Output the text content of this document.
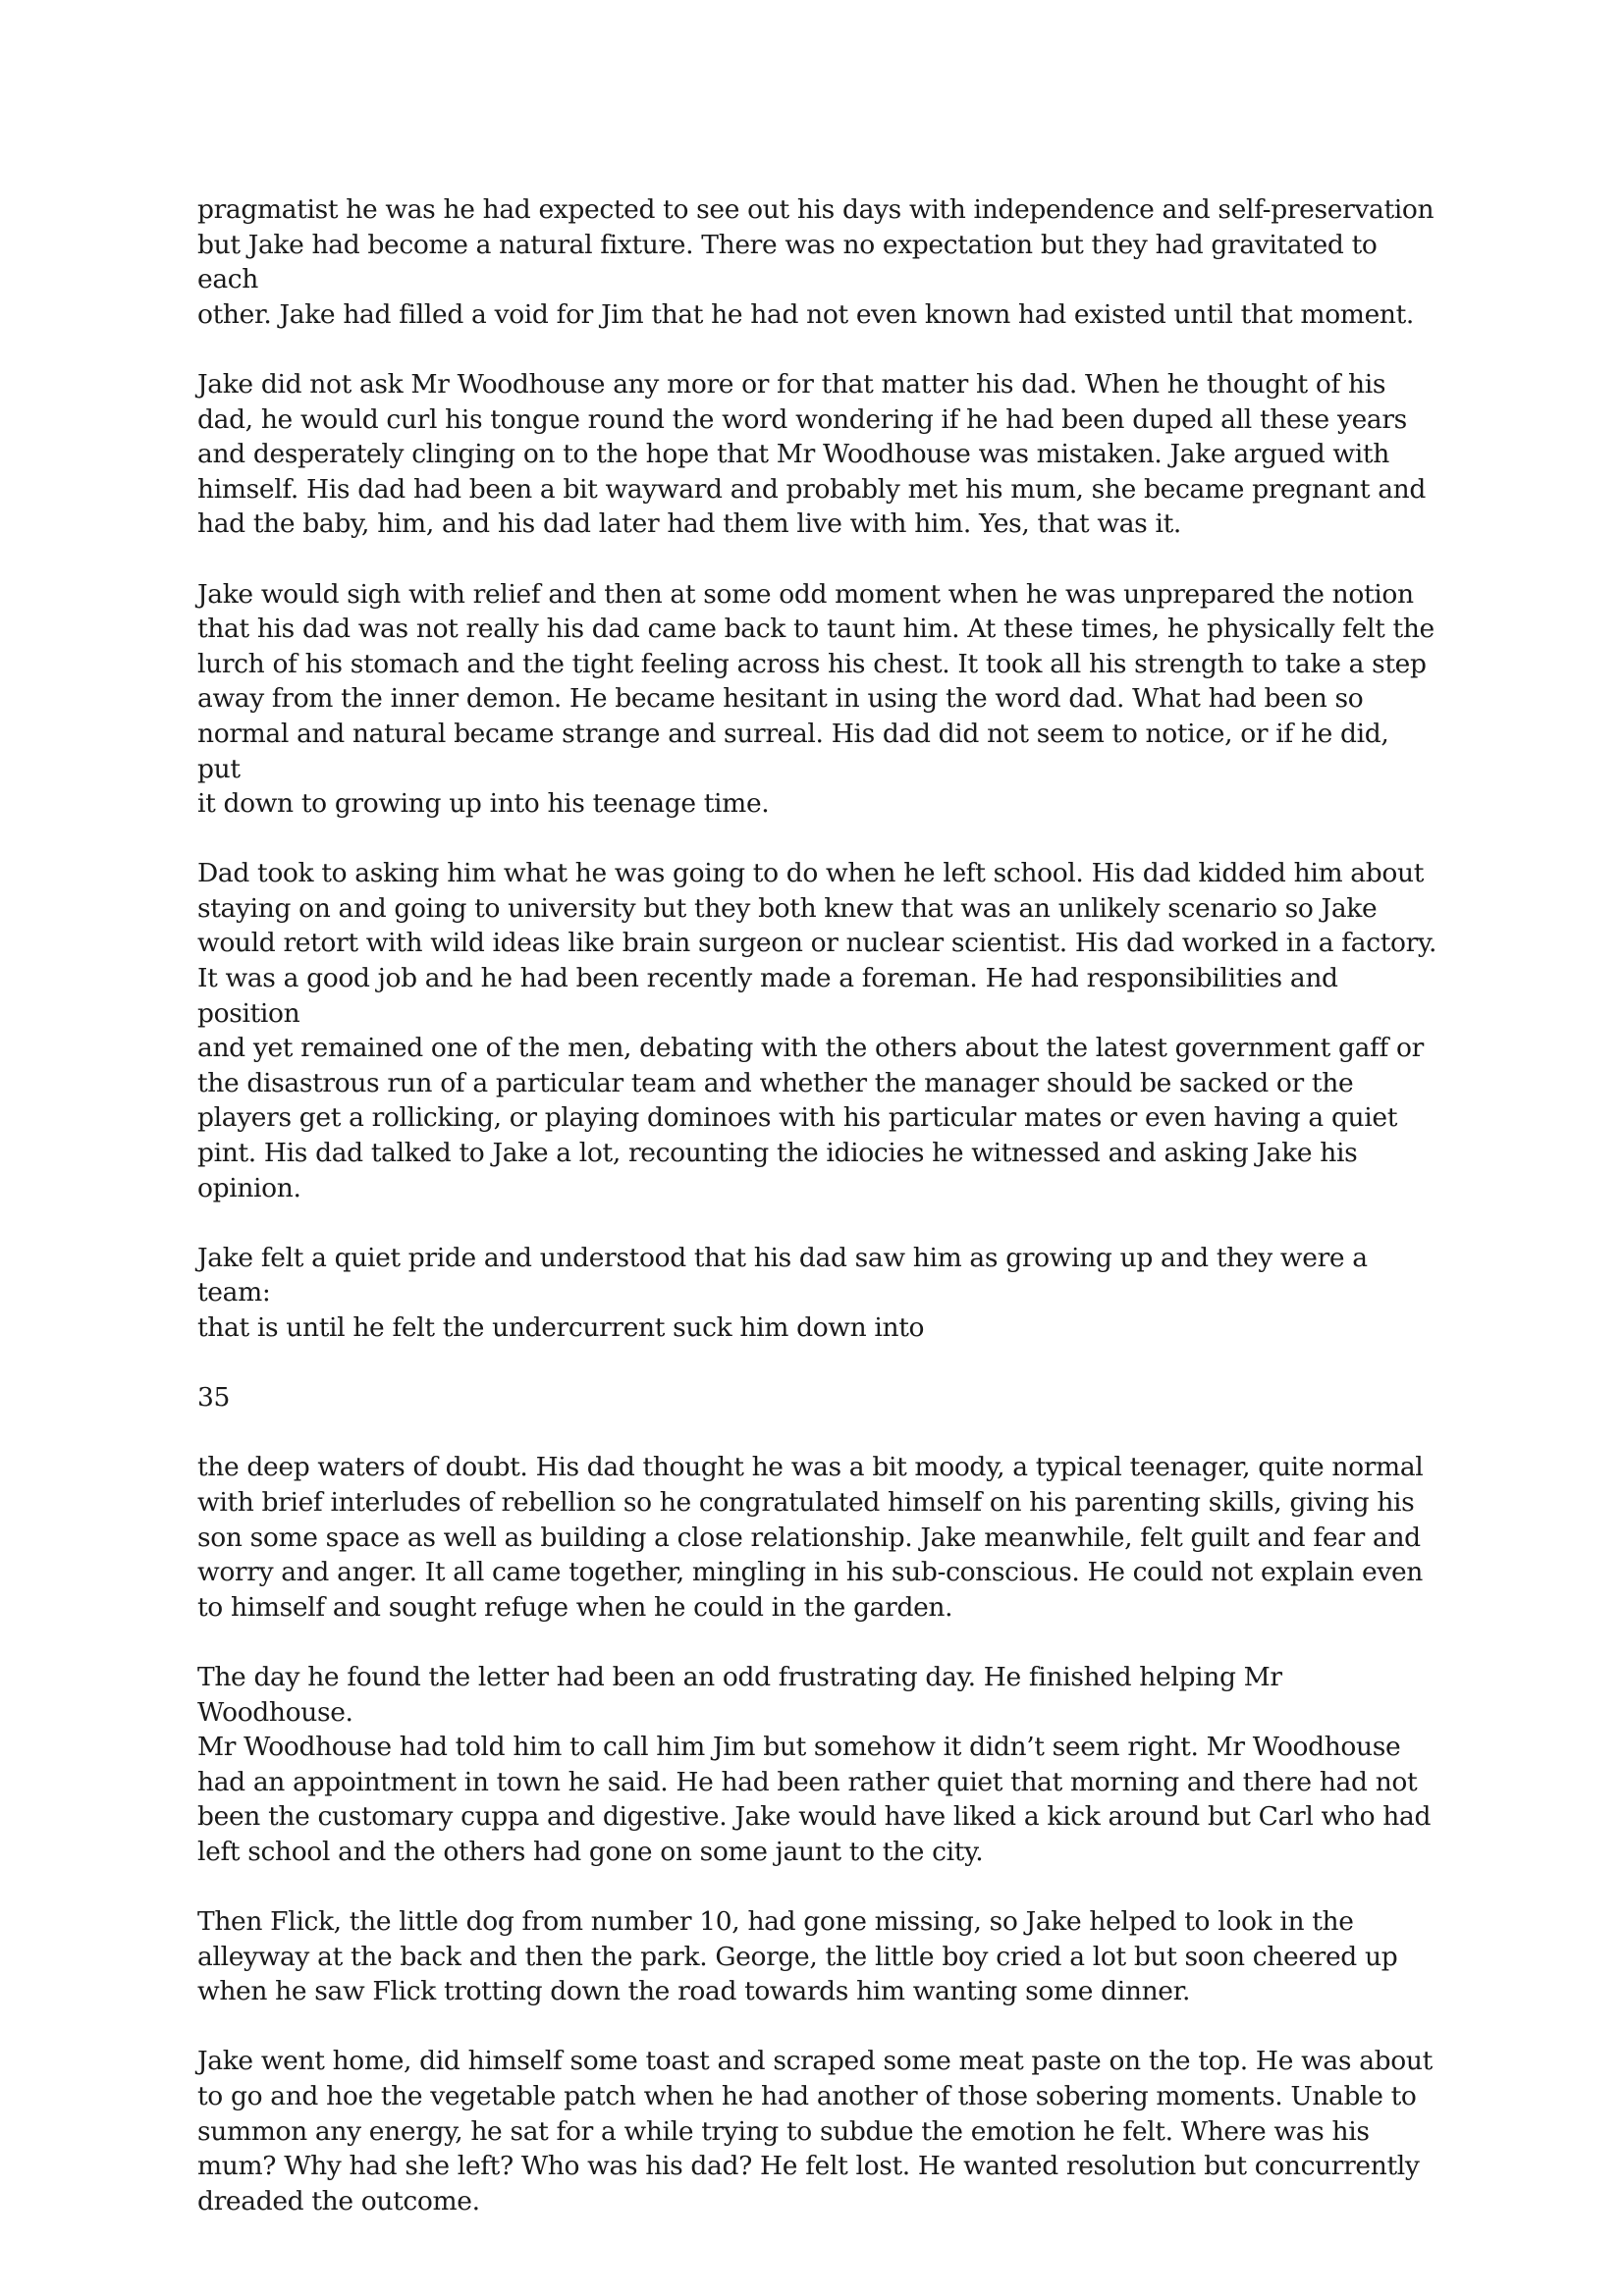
pragmatist he was he had expected to see out his days with independence and self-preservation
but Jake had become a natural fixture. There was no expectation but they had gravitated to each
other. Jake had filled a void for Jim that he had not even known had existed until that moment.

Jake did not ask Mr Woodhouse any more or for that matter his dad. When he thought of his
dad, he would curl his tongue round the word wondering if he had been duped all these years
and desperately clinging on to the hope that Mr Woodhouse was mistaken. Jake argued with
himself. His dad had been a bit wayward and probably met his mum, she became pregnant and
had the baby, him, and his dad later had them live with him. Yes, that was it.

Jake would sigh with relief and then at some odd moment when he was unprepared the notion
that his dad was not really his dad came back to taunt him. At these times, he physically felt the
lurch of his stomach and the tight feeling across his chest. It took all his strength to take a step
away from the inner demon. He became hesitant in using the word dad. What had been so
normal and natural became strange and surreal. His dad did not seem to notice, or if he did, put
it down to growing up into his teenage time.

Dad took to asking him what he was going to do when he left school. His dad kidded him about
staying on and going to university but they both knew that was an unlikely scenario so Jake
would retort with wild ideas like brain surgeon or nuclear scientist. His dad worked in a factory.
It was a good job and he had been recently made a foreman. He had responsibilities and position
and yet remained one of the men, debating with the others about the latest government gaff or
the disastrous run of a particular team and whether the manager should be sacked or the
players get a rollicking, or playing dominoes with his particular mates or even having a quiet
pint. His dad talked to Jake a lot, recounting the idiocies he witnessed and asking Jake his
opinion.

Jake felt a quiet pride and understood that his dad saw him as growing up and they were a team:
that is until he felt the undercurrent suck him down into

35

the deep waters of doubt. His dad thought he was a bit moody, a typical teenager, quite normal
with brief interludes of rebellion so he congratulated himself on his parenting skills, giving his
son some space as well as building a close relationship. Jake meanwhile, felt guilt and fear and
worry and anger. It all came together, mingling in his sub-conscious. He could not explain even
to himself and sought refuge when he could in the garden.

The day he found the letter had been an odd frustrating day. He finished helping Mr Woodhouse.
Mr Woodhouse had told him to call him Jim but somehow it didn’t seem right. Mr Woodhouse
had an appointment in town he said. He had been rather quiet that morning and there had not
been the customary cuppa and digestive. Jake would have liked a kick around but Carl who had
left school and the others had gone on some jaunt to the city.

Then Flick, the little dog from number 10, had gone missing, so Jake helped to look in the
alleyway at the back and then the park. George, the little boy cried a lot but soon cheered up
when he saw Flick trotting down the road towards him wanting some dinner.

Jake went home, did himself some toast and scraped some meat paste on the top. He was about
to go and hoe the vegetable patch when he had another of those sobering moments. Unable to
summon any energy, he sat for a while trying to subdue the emotion he felt. Where was his
mum? Why had she left? Who was his dad? He felt lost. He wanted resolution but concurrently
dreaded the outcome.
